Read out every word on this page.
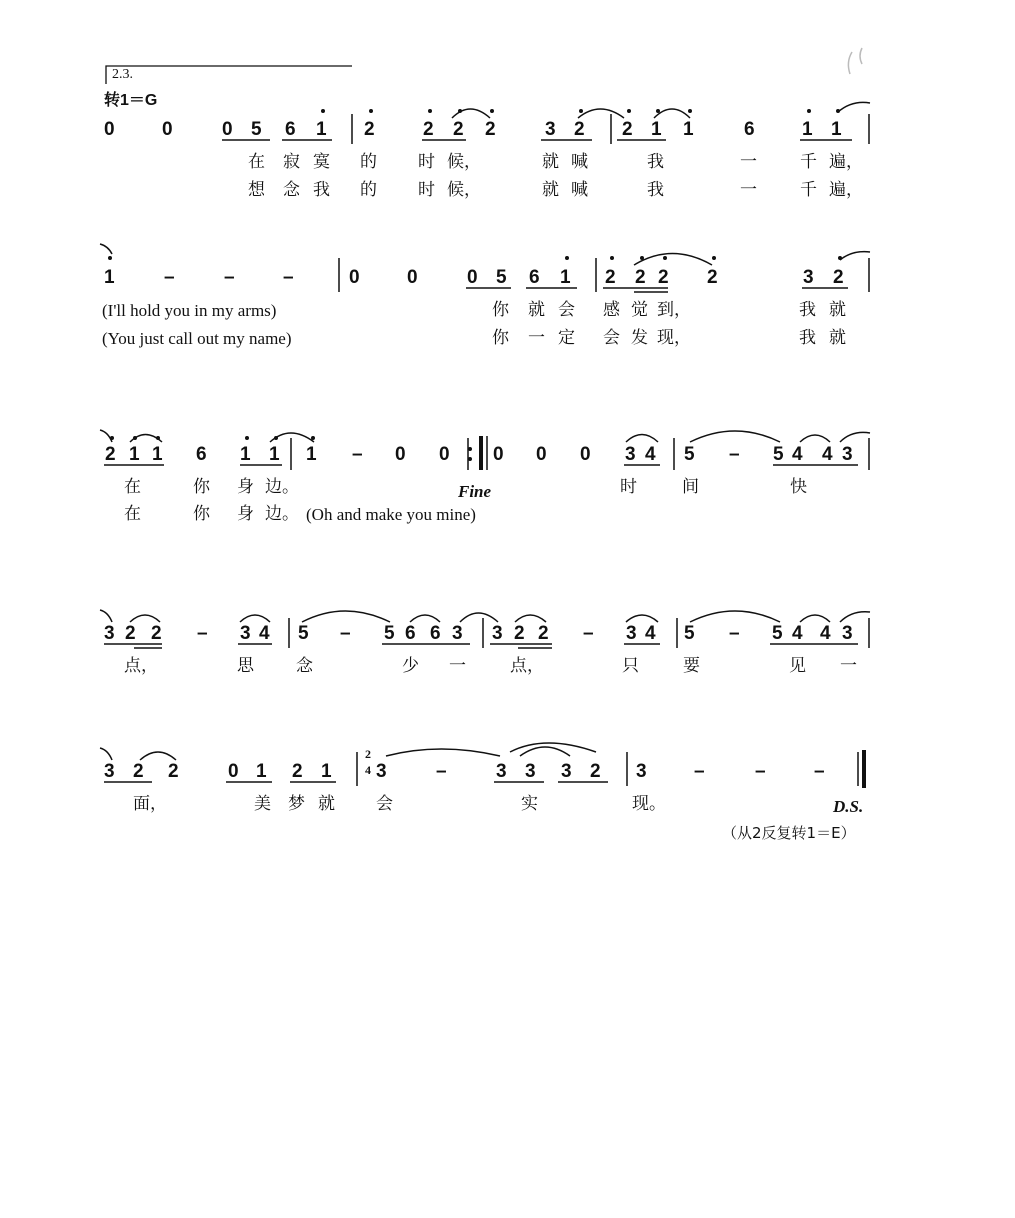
2.3.
转1＝G
0 0	0 5 6 1 2	2 2 2	3 2 2 1 1	6 1 1
在 寂 寞 的 时 候，	就 喊	我	一	千 遍，
想 念 我 的 时 候，	就 喊	我	一	千 遍，
1	–	–	–	0 0	0 5 6 1 2 2 2 2	3 2
(I'll hold you in my arms)
(You just call out my name)
你 就 会 感 觉 到，	我 就
你 一 定 会 发 现，	我 就
2 1 1 6 1 1 1 – 0 0 0 0 0 3 4 5 – 5 4 4 3
在	你 身 边。	时	间	快
Fine
在	你 身 边。 (Oh and make you mine)
3 2 2 – 3 4 5 – 5 6 6 3 3 2 2 – 3 4 5 – 5 4 4 3
点，	思 念	少 一	点，	只	要	见 一
3 2 2	0 1 2 1 3	–	3 3 3 2 3 –	–	–
2
4
面，	美 梦 就 会	实	现。	D.S.
（从2反复转1＝E）
